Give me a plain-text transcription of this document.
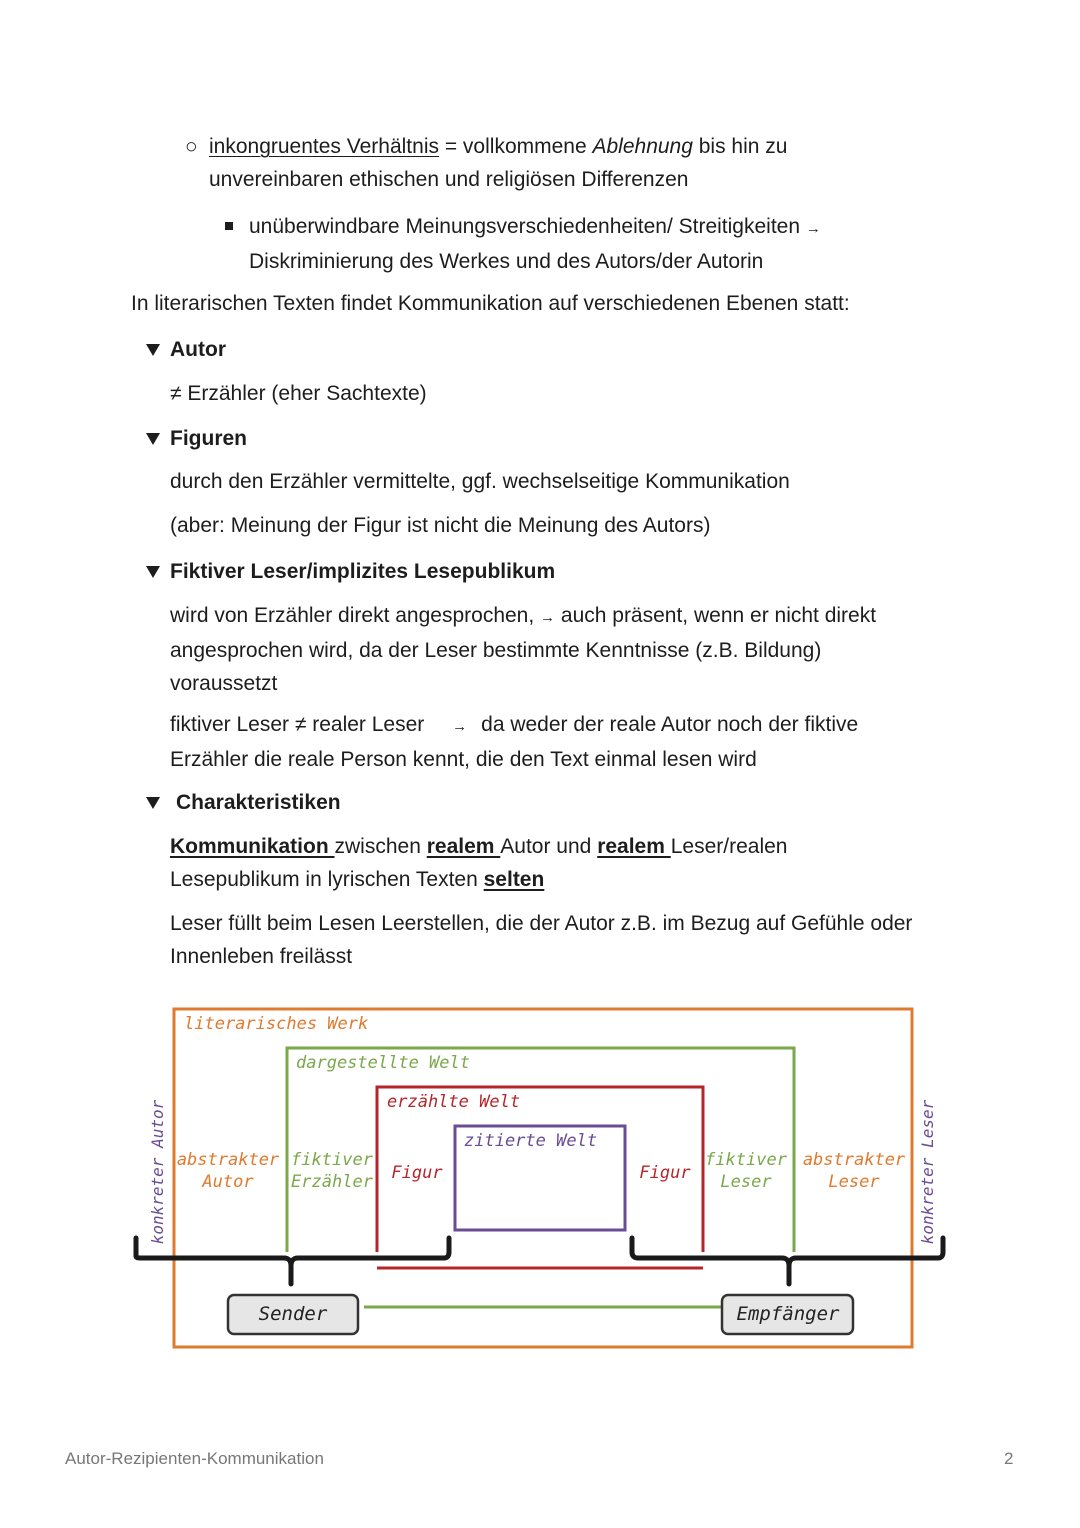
○ inkongruentes Verhältnis = vollkommene Ablehnung bis hin zu
unvereinbaren ethischen und religiösen Differenzen
unüberwindbare Meinungsverschiedenheiten/ Streitigkeiten →
Diskriminierung des Werkes und des Autors/der Autorin
In literarischen Texten findet Kommunikation auf verschiedenen Ebenen statt:
Autor
≠ Erzähler (eher Sachtexte)
Figuren
durch den Erzähler vermittelte, ggf. wechselseitige Kommunikation
(aber: Meinung der Figur ist nicht die Meinung des Autors)
Fiktiver Leser/implizites Lesepublikum
wird von Erzähler direkt angesprochen, → auch präsent, wenn er nicht direkt
angesprochen wird, da der Leser bestimmte Kenntnisse (z.B. Bildung)
voraussetzt
fiktiver Leser ≠ realer Leser → da weder der reale Autor noch der fiktive
Erzähler die reale Person kennt, die den Text einmal lesen wird
Charakteristiken
Kommunikation zwischen realem Autor und realem Leser/realen
Lesepublikum in lyrischen Texten selten
Leser füllt beim Lesen Leerstellen, die der Autor z.B. im Bezug auf Gefühle oder
Innenleben freilässt
literarisches Werk
dargestellte Welt
erzählte Welt
zitierte Welt
abstrakter
Autor
fiktiver
Erzähler Figur	Figur
fiktiver
Leser
abstrakter
Leser
konkreter Autor	konkreter Leser
Sender	Empfänger
Autor-Rezipienten-Kommunikation	2
